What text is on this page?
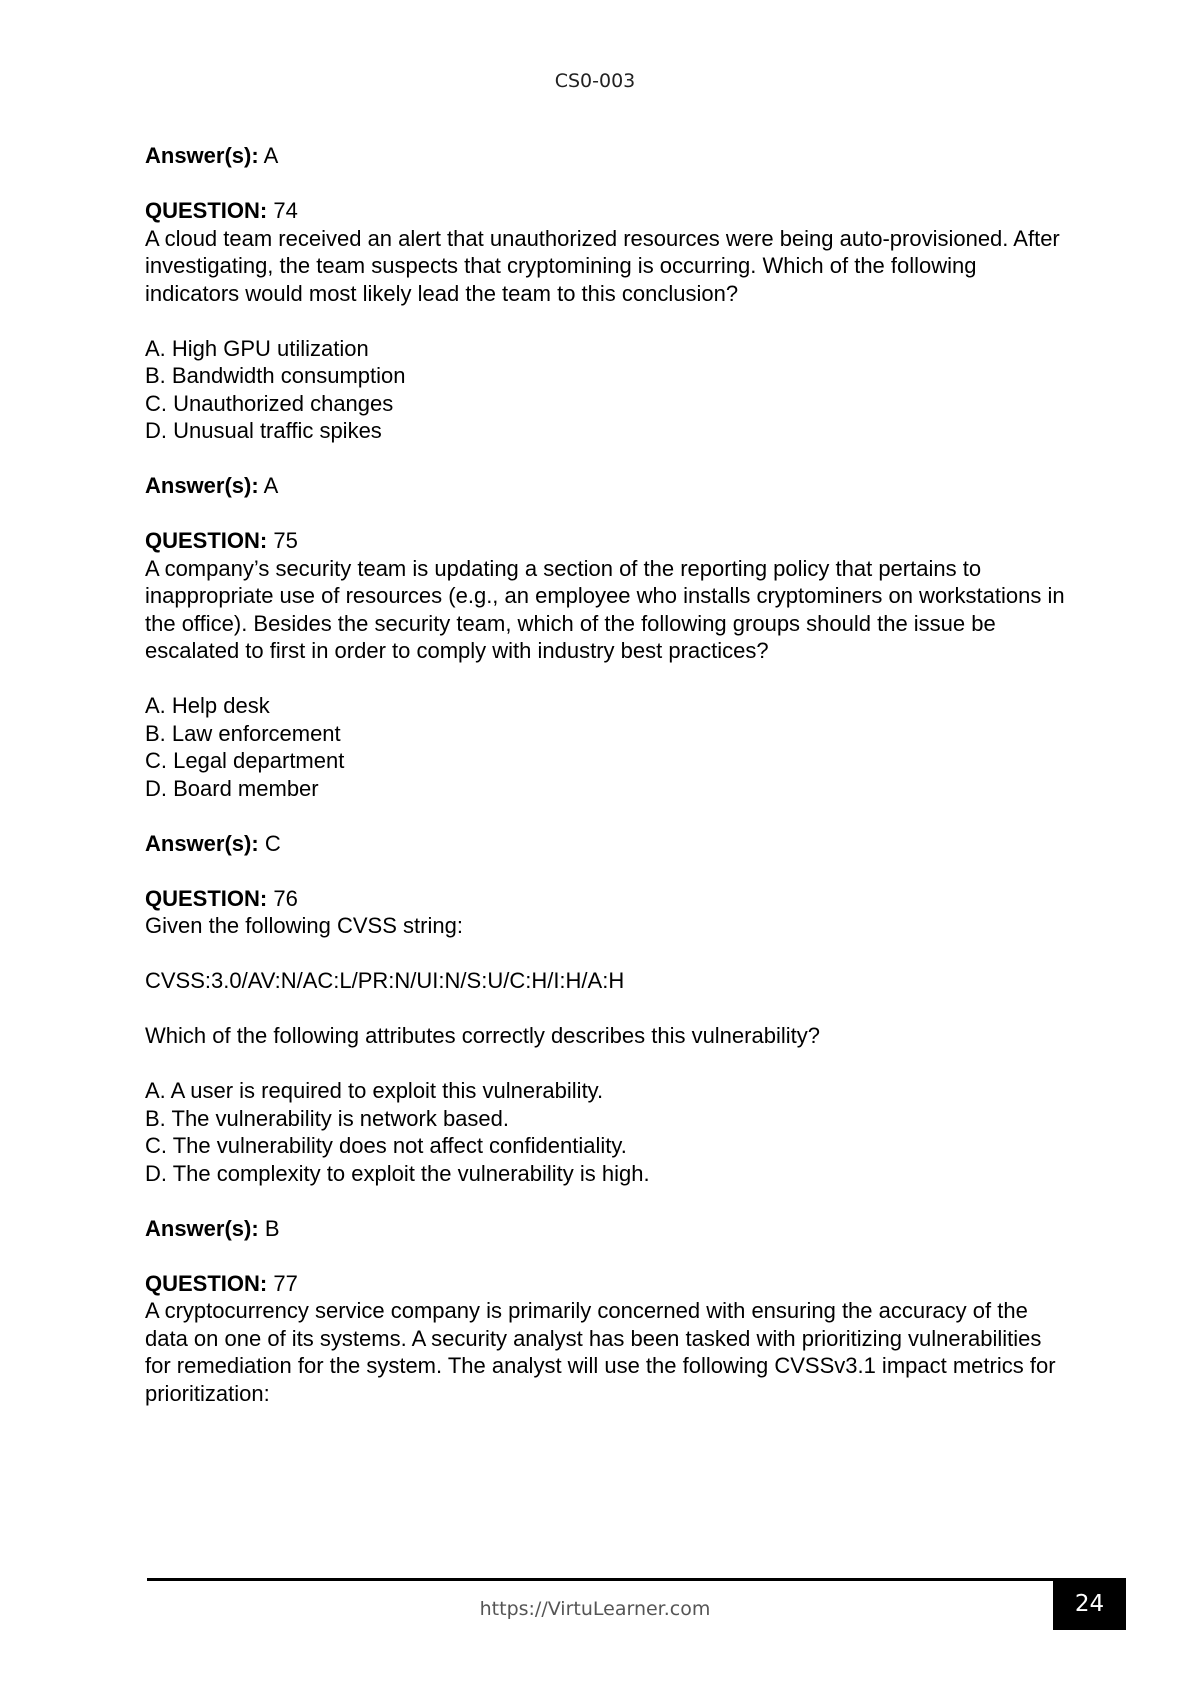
CS0-003

Answer(s): A

QUESTION: 74

A cloud team received an alert that unauthorized resources were being auto-provisioned. After investigating, the team suspects that cryptomining is occurring. Which of the following indicators would most likely lead the team to this conclusion?

A. High GPU utilization

B. Bandwidth consumption

C. Unauthorized changes

D. Unusual traffic spikes

Answer(s): A

QUESTION: 75

A company’s security team is updating a section of the reporting policy that pertains to inappropriate use of resources (e.g., an employee who installs cryptominers on workstations in the office). Besides the security team, which of the following groups should the issue be escalated to first in order to comply with industry best practices?

A. Help desk

B. Law enforcement

C. Legal department

D. Board member

Answer(s): C

QUESTION: 76

Given the following CVSS string:

CVSS:3.0/AV:N/AC:L/PR:N/UI:N/S:U/C:H/I:H/A:H

Which of the following attributes correctly describes this vulnerability?

A. A user is required to exploit this vulnerability.

B. The vulnerability is network based.

C. The vulnerability does not affect confidentiality.

D. The complexity to exploit the vulnerability is high.

Answer(s): B

QUESTION: 77

A cryptocurrency service company is primarily concerned with ensuring the accuracy of the data on one of its systems. A security analyst has been tasked with prioritizing vulnerabilities for remediation for the system. The analyst will use the following CVSSv3.1 impact metrics for prioritization:

https://VirtuLearner.com	24
